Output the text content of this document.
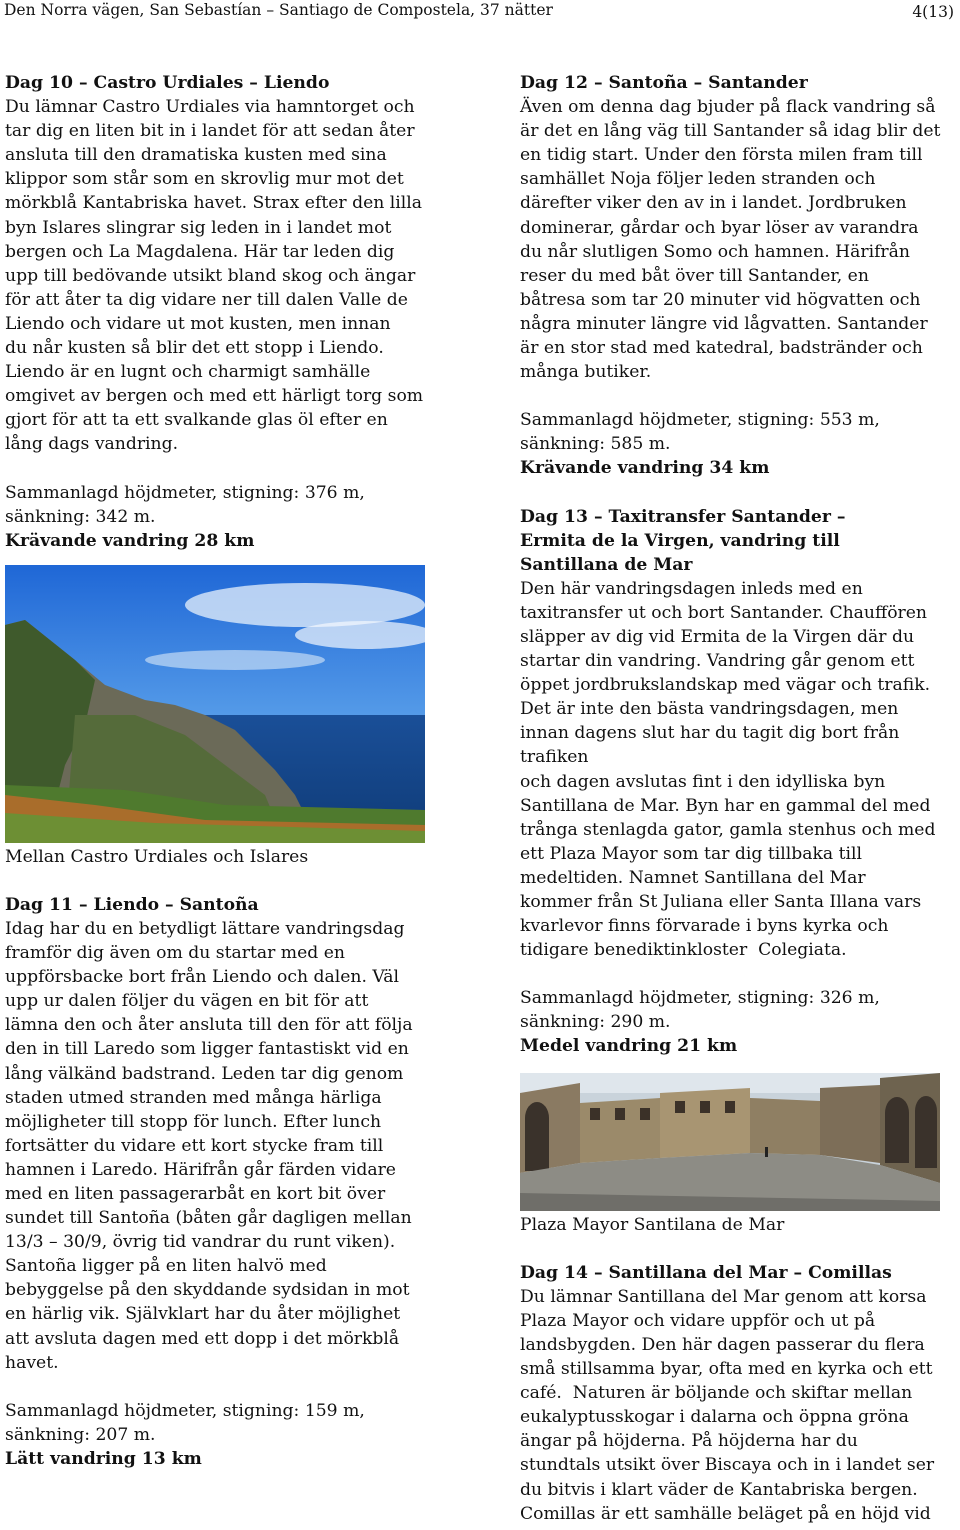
Den Norra vägen, San Sebastían – Santiago de Compostela, 37 nätter	4(13)

Dag 10 – Castro Urdiales – Liendo

Du lämnar Castro Urdiales via hamntorget och

tar dig en liten bit in i landet för att sedan åter

ansluta till den dramatiska kusten med sina

klippor som står som en skrovlig mur mot det

mörkblå Kantabriska havet. Strax efter den lilla

byn Islares slingrar sig leden in i landet mot

bergen och La Magdalena. Här tar leden dig

upp till bedövande utsikt bland skog och ängar

för att åter ta dig vidare ner till dalen Valle de

Liendo och vidare ut mot kusten, men innan

du når kusten så blir det ett stopp i Liendo.

Liendo är en lugnt och charmigt samhälle

omgivet av bergen och med ett härligt torg som

gjort för att ta ett svalkande glas öl efter en

lång dags vandring.

Sammanlagd höjdmeter, stigning: 376 m,

sänkning: 342 m.

Krävande vandring 28 km

Mellan Castro Urdiales och Islares

Dag 11 – Liendo – Santoña

Idag har du en betydligt lättare vandringsdag

framför dig även om du startar med en

uppförsbacke bort från Liendo och dalen. Väl

upp ur dalen följer du vägen en bit för att

lämna den och åter ansluta till den för att följa

den in till Laredo som ligger fantastiskt vid en

lång välkänd badstrand. Leden tar dig genom

staden utmed stranden med många härliga

möjligheter till stopp för lunch. Efter lunch

fortsätter du vidare ett kort stycke fram till

hamnen i Laredo. Härifrån går färden vidare

med en liten passagerarbåt en kort bit över

sundet till Santoña (båten går dagligen mellan

13/3 – 30/9, övrig tid vandrar du runt viken).

Santoña ligger på en liten halvö med

bebyggelse på den skyddande sydsidan in mot

en härlig vik. Självklart har du åter möjlighet

att avsluta dagen med ett dopp i det mörkblå

havet.

Sammanlagd höjdmeter, stigning: 159 m,

sänkning: 207 m.

Lätt vandring 13 km

Dag 12 – Santoña – Santander

Även om denna dag bjuder på flack vandring så

är det en lång väg till Santander så idag blir det

en tidig start. Under den första milen fram till

samhället Noja följer leden stranden och

därefter viker den av in i landet. Jordbruken

dominerar, gårdar och byar löser av varandra

du når slutligen Somo och hamnen. Härifrån

reser du med båt över till Santander, en

båtresa som tar 20 minuter vid högvatten och

några minuter längre vid lågvatten. Santander

är en stor stad med katedral, badstränder och

många butiker.

Sammanlagd höjdmeter, stigning: 553 m,

sänkning: 585 m.

Krävande vandring 34 km

Dag 13 – Taxitransfer Santander –

Ermita de la Virgen, vandring till

Santillana de Mar

Den här vandringsdagen inleds med en

taxitransfer ut och bort Santander. Chauffören

släpper av dig vid Ermita de la Virgen där du

startar din vandring. Vandring går genom ett

öppet jordbrukslandskap med vägar och trafik.

Det är inte den bästa vandringsdagen, men

innan dagens slut har du tagit dig bort från

trafiken

och dagen avslutas fint i den idylliska byn

Santillana de Mar. Byn har en gammal del med

trånga stenlagda gator, gamla stenhus och med

ett Plaza Mayor som tar dig tillbaka till

medeltiden. Namnet Santillana del Mar

kommer från St Juliana eller Santa Illana vars

kvarlevor finns förvarade i byns kyrka och

tidigare benediktinkloster  Colegiata.

Sammanlagd höjdmeter, stigning: 326 m,

sänkning: 290 m.

Medel vandring 21 km

Plaza Mayor Santilana de Mar

Dag 14 – Santillana del Mar – Comillas

Du lämnar Santillana del Mar genom att korsa

Plaza Mayor och vidare uppför och ut på

landsbygden. Den här dagen passerar du flera

små stillsamma byar, ofta med en kyrka och ett

café.  Naturen är böljande och skiftar mellan

eukalyptusskogar i dalarna och öppna gröna

ängar på höjderna. På höjderna har du

stundtals utsikt över Biscaya och in i landet ser

du bitvis i klart väder de Kantabriska bergen.

Comillas är ett samhälle beläget på en höjd vid
